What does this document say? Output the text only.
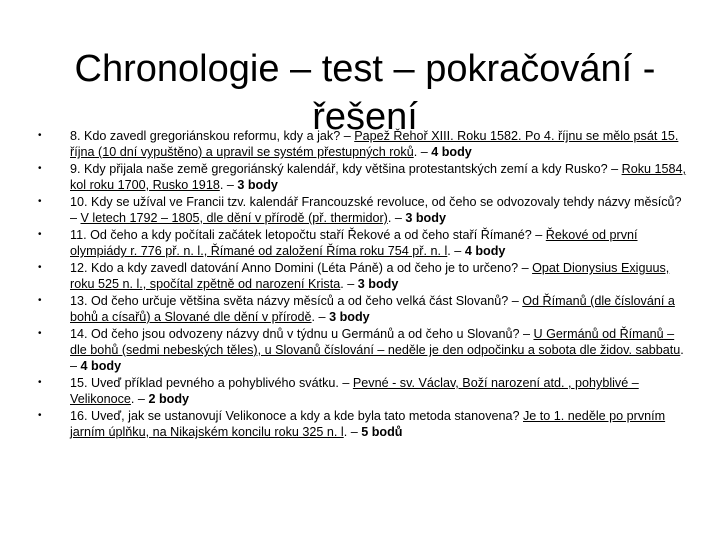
Chronologie – test – pokračování - řešení
• 8. Kdo zavedl gregoriánskou reformu, kdy a jak? – Papež Řehoř XIII. Roku 1582. Po 4. říjnu se mělo psát 15. října (10 dní vypuštěno) a upravil se systém přestupných roků. – 4 body
• 9. Kdy přijala naše země gregoriánský kalendář, kdy většina protestantských zemí a kdy Rusko? – Roku 1584, kol roku 1700, Rusko 1918. – 3 body
• 10. Kdy se užíval ve Francii tzv. kalendář Francouzské revoluce, od čeho se odvozovaly tehdy názvy měsíců? – V letech 1792 – 1805, dle dění v přírodě (př. thermidor). – 3 body
• 11. Od čeho a kdy počítali začátek letopočtu staří Řekové a od čeho staří Římané? – Řekové od první olympiády r. 776 př. n. l., Římané od založení Říma roku 754 př. n. l. – 4 body
• 12. Kdo a kdy zavedl datování Anno Domini (Léta Páně) a od čeho je to určeno? – Opat Dionysius Exiguus, roku 525 n. l., spočítal zpětně od narození Krista. – 3 body
• 13. Od čeho určuje většina světa názvy měsíců a od čeho velká část Slovanů? – Od Římanů (dle číslování a bohů a císařů) a Slované dle dění v přírodě. – 3 body
• 14. Od čeho jsou odvozeny názvy dnů v týdnu u Germánů a od čeho u Slovanů? – U Germánů od Římanů – dle bohů (sedmi nebeských těles), u Slovanů číslování – neděle je den odpočinku a sobota dle židov. sabbatu. – 4 body
• 15. Uveď příklad pevného a pohyblivého svátku. – Pevné - sv. Václav, Boží narození atd. , pohyblivé – Velikonoce. – 2 body
• 16. Uveď, jak se ustanovují Velikonoce a kdy a kde byla tato metoda stanovena? Je to 1. neděle po prvním jarním úplňku, na Nikajském koncilu roku 325 n. l. – 5 bodů
